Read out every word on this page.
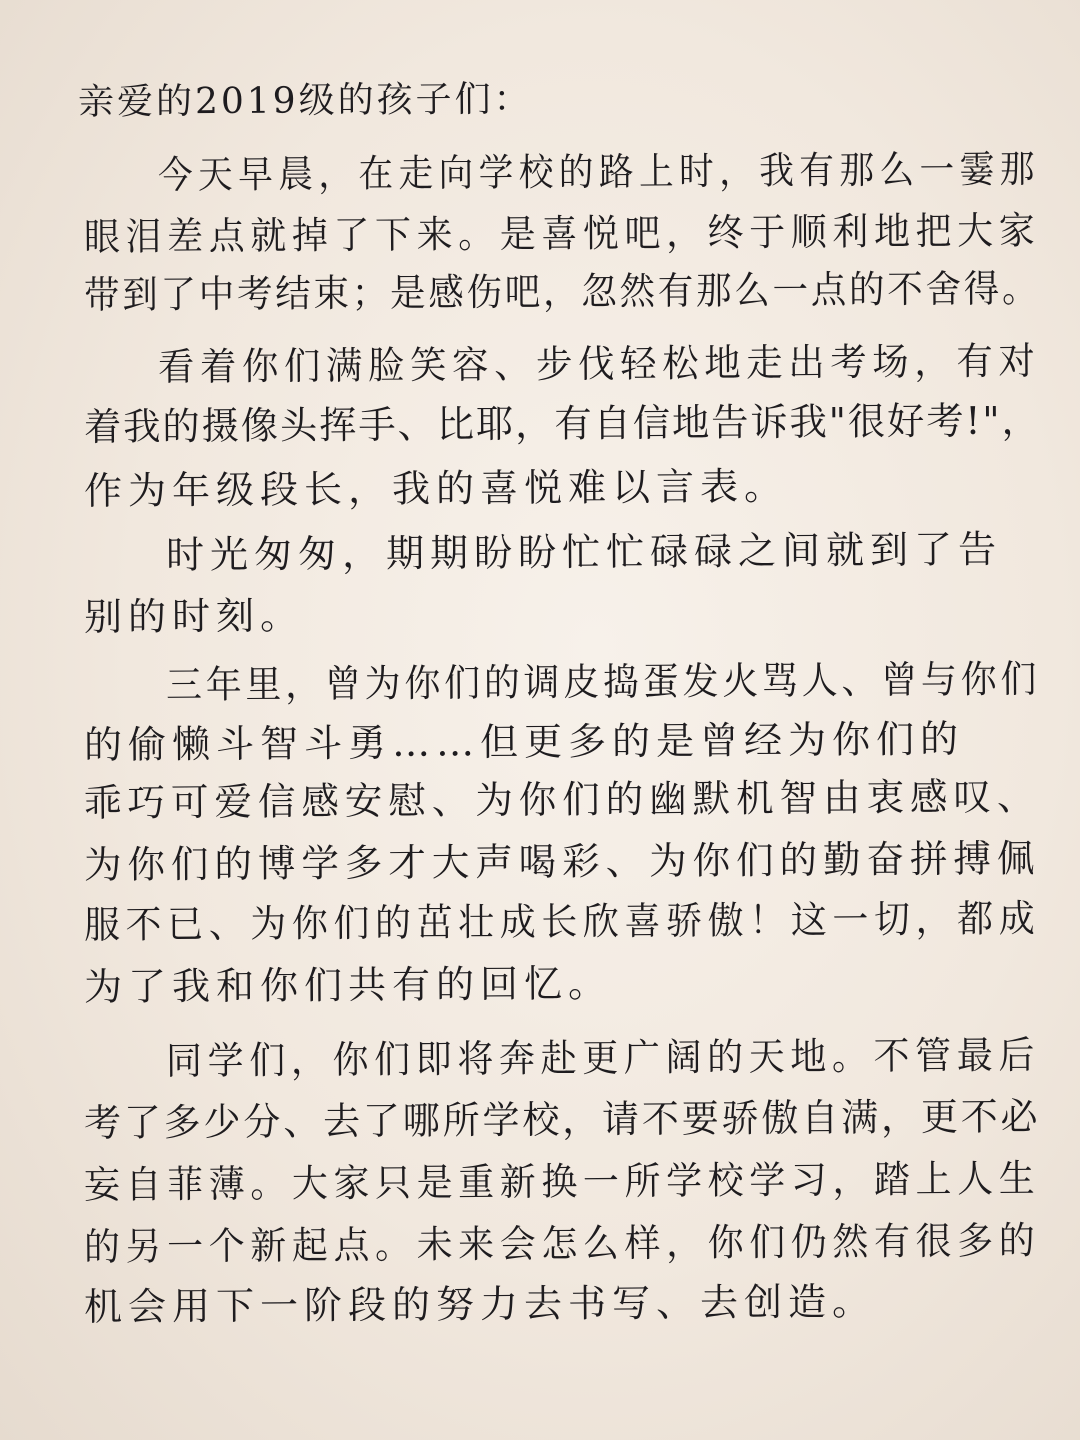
亲爱的2019级的孩子们：
今天早晨，在走向学校的路上时，我有那么一霎那
眼泪差点就掉了下来。是喜悦吧，终于顺利地把大家
带到了中考结束；是感伤吧，忽然有那么一点的不舍得。
看着你们满脸笑容、步伐轻松地走出考场，有对
着我的摄像头挥手、比耶，有自信地告诉我"很好考!"，
作为年级段长，我的喜悦难以言表。
时光匆匆，期期盼盼忙忙碌碌之间就到了告
别的时刻。
三年里，曾为你们的调皮捣蛋发火骂人、曾与你们
的偷懒斗智斗勇……但更多的是曾经为你们的
乖巧可爱信感安慰、为你们的幽默机智由衷感叹、
为你们的博学多才大声喝彩、为你们的勤奋拼搏佩
服不已、为你们的茁壮成长欣喜骄傲！这一切，都成
为了我和你们共有的回忆。
同学们，你们即将奔赴更广阔的天地。不管最后
考了多少分、去了哪所学校，请不要骄傲自满，更不必
妄自菲薄。大家只是重新换一所学校学习，踏上人生
的另一个新起点。未来会怎么样，你们仍然有很多的
机会用下一阶段的努力去书写、去创造。
